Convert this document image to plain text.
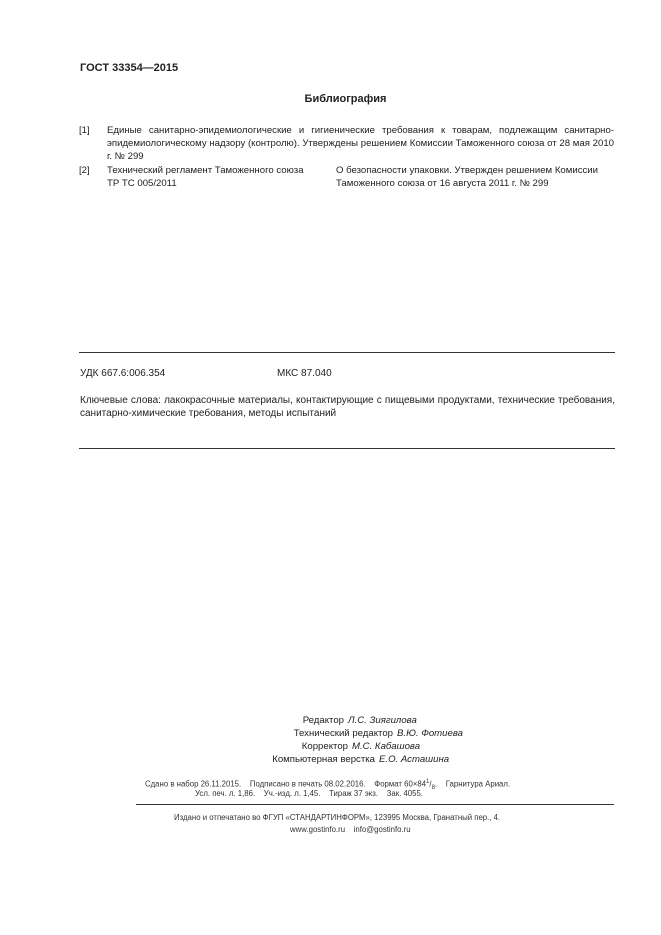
ГОСТ 33354—2015
Библиография
[1] Единые санитарно-эпидемиологические и гигиенические требования к товарам, подлежащим санитарно-эпидемиологическому надзору (контролю). Утверждены решением Комиссии Таможенного союза от 28 мая 2010 г. № 299
[2] Технический регламент Таможенного союза
ТР ТС 005/2011
О безопасности упаковки. Утвержден решением Комиссии
Таможенного союза от 16 августа 2011 г. № 299
УДК 667.6:006.354	МКС 87.040
Ключевые слова: лакокрасочные материалы, контактирующие с пищевыми продуктами, технические требования, санитарно-химические требования, методы испытаний
Редактор Л.С. Зиягилова
Технический редактор В.Ю. Фотиева
Корректор М.С. Кабашова
Компьютерная верстка Е.О. Асташина
Сдано в набор 26.11.2015.    Подписано в печать 08.02.2016.    Формат $60\times 84^1/_8$.    Гарнитура Ариал.
Усл. печ. л. 1,86.    Уч.-изд. л. 1,45.    Тираж 37 экз.    Зак. 4055.
Издано и отпечатано во ФГУП «СТАНДАРТИНФОРМ», 123995 Москва, Гранатный пер., 4.
www.gostinfo.ru    info@gostinfo.ru
